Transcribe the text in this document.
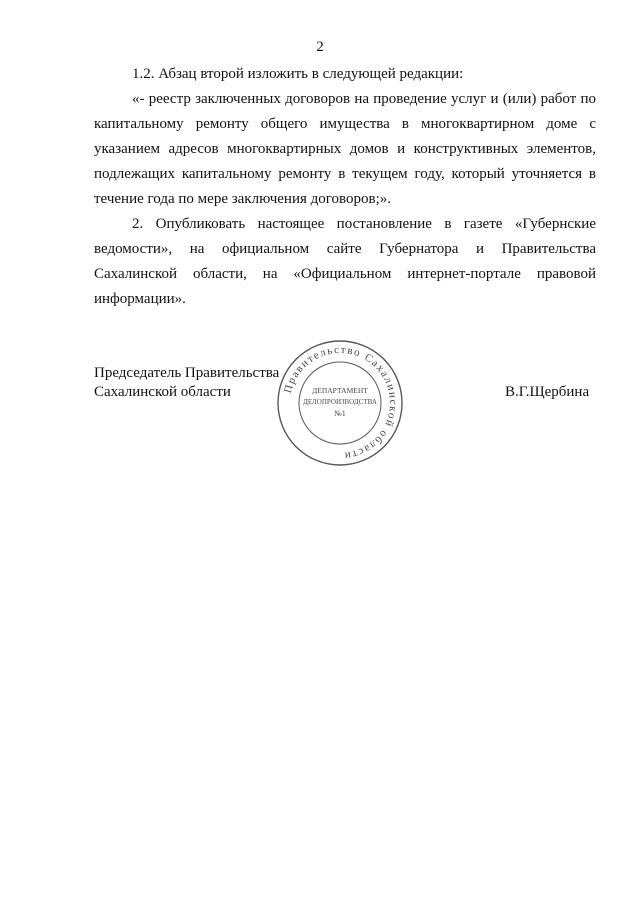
2

1.2. Абзац второй изложить в следующей редакции:

«- реестр заключенных договоров на проведение услуг и (или) работ по капитальному ремонту общего имущества в многоквартирном доме с указанием адресов многоквартирных домов и конструктивных элементов, подлежащих капитальному ремонту в текущем году, который уточняется в течение года по мере заключения договоров;».

2. Опубликовать настоящее постановление в газете «Губернские ведомости», на официальном сайте Губернатора и Правительства Сахалинской области, на «Официальном интернет-портале правовой информации».

Председатель Правительства
Сахалинской области	Правительство Сахалинской области
ДЕПАРТАМЕНТ
ДЕЛОПРОИЗВОДСТВА
№1
В.Г.Щербина
